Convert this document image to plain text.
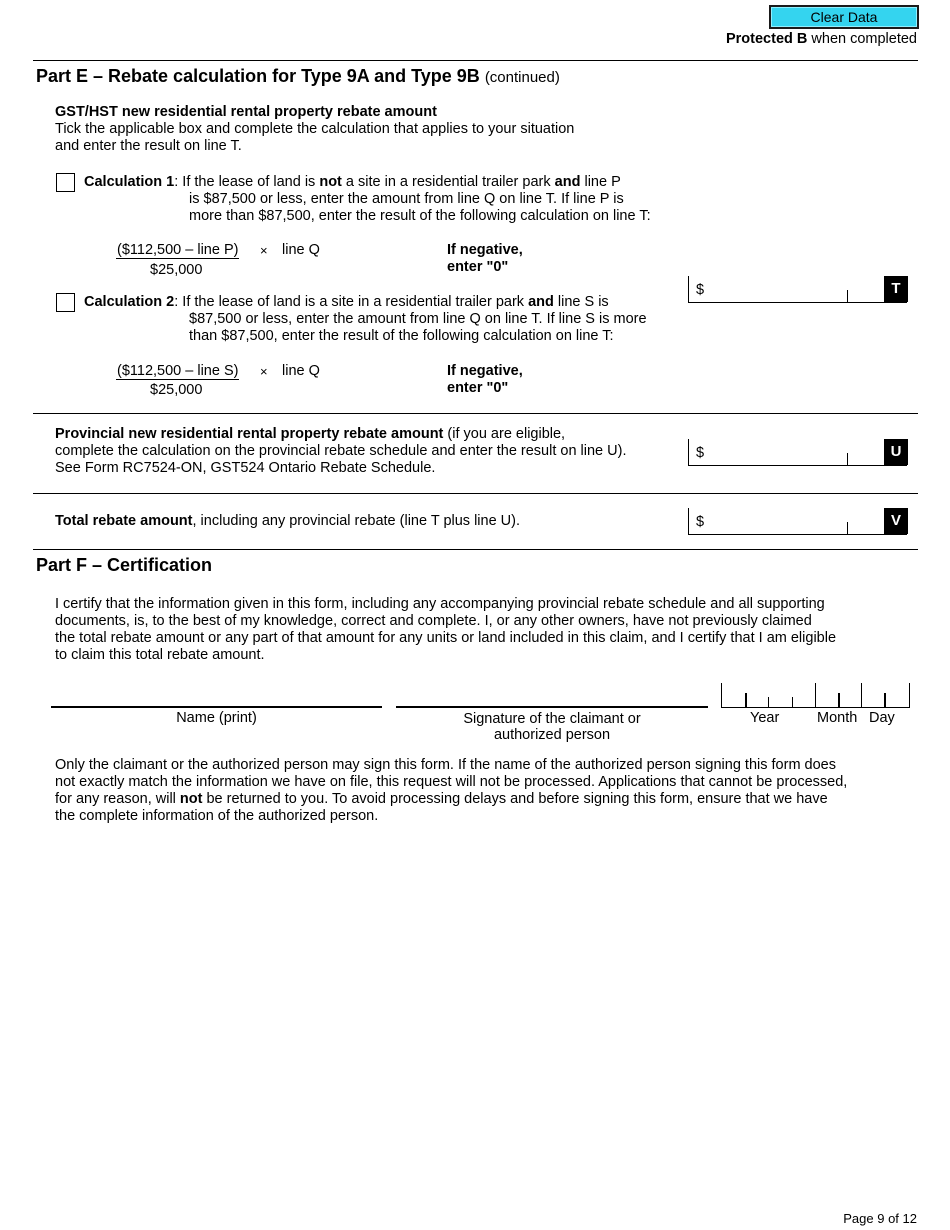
Clear Data
Protected B when completed
Part E – Rebate calculation for Type 9A and Type 9B (continued)
GST/HST new residential rental property rebate amount
Tick the applicable box and complete the calculation that applies to your situation
and enter the result on line T.
Calculation 1: If the lease of land is not a site in a residential trailer park and line P
is $87,500 or less, enter the amount from line Q on line T. If line P is
more than $87,500, enter the result of the following calculation on line T:
($112,500 – line P)
$25,000
× line Q	If negative,
enter "0"
$	T
Calculation 2: If the lease of land is a site in a residential trailer park and line S is
$87,500 or less, enter the amount from line Q on line T. If line S is more
than $87,500, enter the result of the following calculation on line T:
($112,500 – line S)
$25,000
× line Q	If negative,
enter "0"
Provincial new residential rental property rebate amount (if you are eligible,
complete the calculation on the provincial rebate schedule and enter the result on line U).
See Form RC7524-ON, GST524 Ontario Rebate Schedule.
$	U
Total rebate amount, including any provincial rebate (line T plus line U).	$	V
Part F – Certification
I certify that the information given in this form, including any accompanying provincial rebate schedule and all supporting
documents, is, to the best of my knowledge, correct and complete. I, or any other owners, have not previously claimed
the total rebate amount or any part of that amount for any units or land included in this claim, and I certify that I am eligible
to claim this total rebate amount.
Name (print)	Signature of the claimant or
authorized person
Year	Month Day
Only the claimant or the authorized person may sign this form. If the name of the authorized person signing this form does
not exactly match the information we have on file, this request will not be processed. Applications that cannot be processed,
for any reason, will not be returned to you. To avoid processing delays and before signing this form, ensure that we have
the complete information of the authorized person.
Page 9 of 12
